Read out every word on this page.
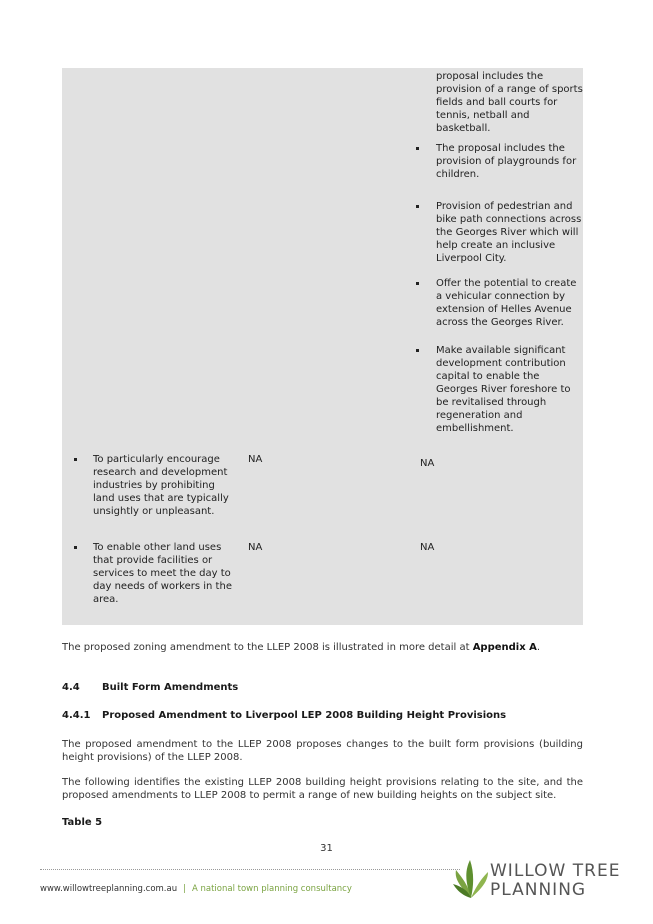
proposal includes the provision of a range of sports fields and ball courts for tennis, netball and basketball.
The proposal includes the provision of playgrounds for children.
Provision of pedestrian and bike path connections across the Georges River which will help create an inclusive Liverpool City.
Offer the potential to create a vehicular connection by extension of Helles Avenue across the Georges River.
Make available significant development contribution capital to enable the Georges River foreshore to be revitalised through regeneration and embellishment.
To particularly encourage research and development industries by prohibiting land uses that are typically unsightly or unpleasant.
NA	NA
To enable other land uses that provide facilities or services to meet the day to day needs of workers in the area.
NA	NA
The proposed zoning amendment to the LLEP 2008 is illustrated in more detail at Appendix A.
4.4 Built Form Amendments
4.4.1 Proposed Amendment to Liverpool LEP 2008 Building Height Provisions
The proposed amendment to the LLEP 2008 proposes changes to the built form provisions (building height provisions) of the LLEP 2008.
The following identifies the existing LLEP 2008 building height provisions relating to the site, and the proposed amendments to LLEP 2008 to permit a range of new building heights on the subject site.
Table 5
31
www.willowtreeplanning.com.au | A national town planning consultancy
WILLOW TREE
PLANNING
